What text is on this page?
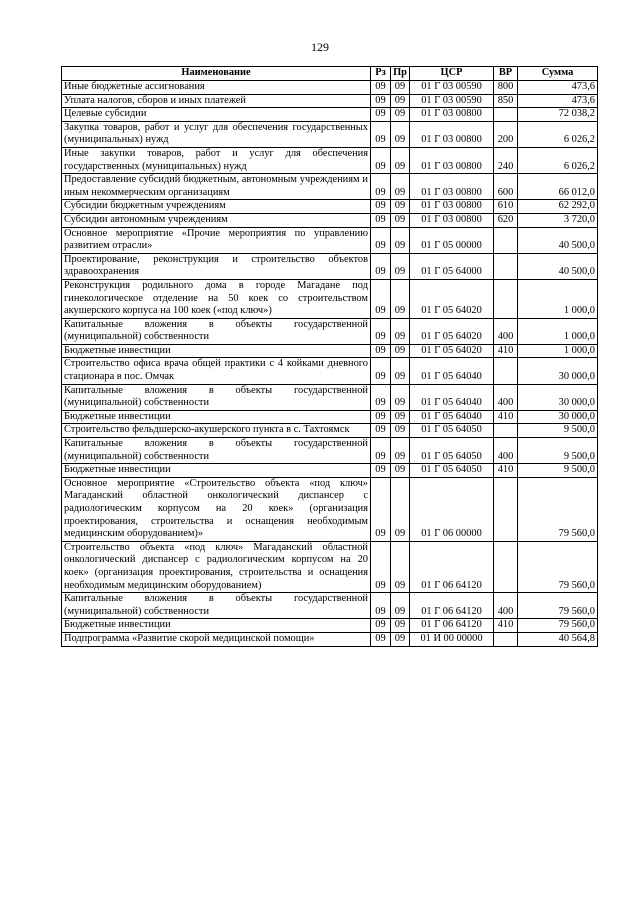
129
Наименование	Рз	Пр	ЦСР	ВР	Сумма
Иные бюджетные ассигнования	09	09	01 Г 03 00590	800	473,6
Уплата налогов, сборов и иных платежей	09	09	01 Г 03 00590	850	473,6
Целевые субсидии	09	09	01 Г 03 00800		72 038,2
Закупка товаров, работ и услуг для обеспечения государственных (муниципальных) нужд	09	09	01 Г 03 00800	200	6 026,2
Иные закупки товаров, работ и услуг для обеспечения государственных (муниципальных) нужд	09	09	01 Г 03 00800	240	6 026,2
Предоставление субсидий бюджетным, автономным учреждениям и иным некоммерческим организациям	09	09	01 Г 03 00800	600	66 012,0
Субсидии бюджетным учреждениям	09	09	01 Г 03 00800	610	62 292,0
Субсидии автономным учреждениям	09	09	01 Г 03 00800	620	3 720,0
Основное мероприятие «Прочие мероприятия по управлению развитием отрасли»	09	09	01 Г 05 00000		40 500,0
Проектирование, реконструкция и строительство объектов здравоохранения	09	09	01 Г 05 64000		40 500,0
Реконструкция родильного дома в городе Магадане под гинекологическое отделение на 50 коек со строительством акушерского корпуса на 100 коек («под ключ»)	09	09	01 Г 05 64020		1 000,0
Капитальные вложения в объекты государственной (муниципальной) собственности	09	09	01 Г 05 64020	400	1 000,0
Бюджетные инвестиции	09	09	01 Г 05 64020	410	1 000,0
Строительство офиса врача общей практики с 4 койками дневного стационара в пос. Омчак	09	09	01 Г 05 64040		30 000,0
Капитальные вложения в объекты государственной (муниципальной) собственности	09	09	01 Г 05 64040	400	30 000,0
Бюджетные инвестиции	09	09	01 Г 05 64040	410	30 000,0
Строительство фельдшерско-акушерского пункта в с. Тахтоямск	09	09	01 Г 05 64050		9 500,0
Капитальные вложения в объекты государственной (муниципальной) собственности	09	09	01 Г 05 64050	400	9 500,0
Бюджетные инвестиции	09	09	01 Г 05 64050	410	9 500,0
Основное мероприятие «Строительство объекта «под ключ» Магаданский областной онкологический диспансер с радиологическим корпусом на 20 коек» (организация проектирования, строительства и оснащения необходимым медицинским оборудованием)»	09	09	01 Г 06 00000		79 560,0
Строительство объекта «под ключ» Магаданский областной онкологический диспансер с радиологическим корпусом на 20 коек» (организация проектирования, строительства и оснащения необходимым медицинским оборудованием)	09	09	01 Г 06 64120		79 560,0
Капитальные вложения в объекты государственной (муниципальной) собственности	09	09	01 Г 06 64120	400	79 560,0
Бюджетные инвестиции	09	09	01 Г 06 64120	410	79 560,0
Подпрограмма «Развитие скорой медицинской помощи»	09	09	01 И 00 00000		40 564,8
